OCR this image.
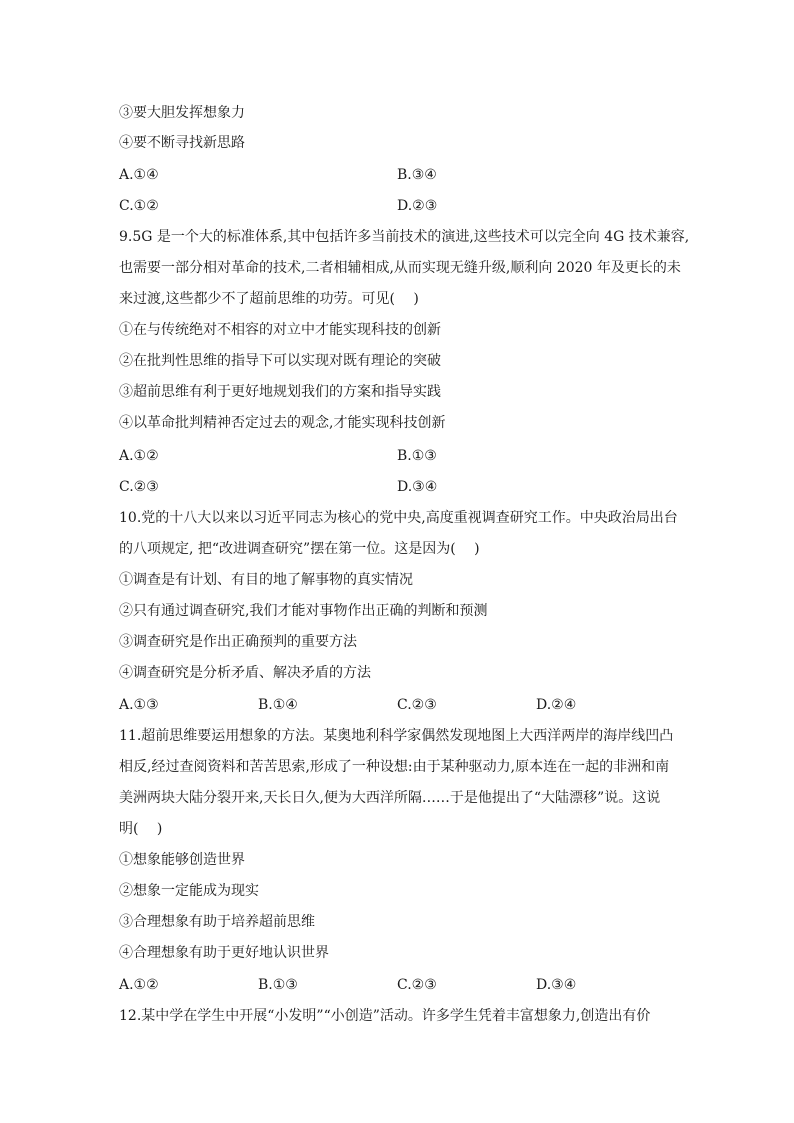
③要大胆发挥想象力
④要不断寻找新思路
A.①④	B.③④
C.①②	D.②③
9.5G 是一个大的标准体系,其中包括许多当前技术的演进,这些技术可以完全向 4G 技术兼容,
也需要一部分相对革命的技术,二者相辅相成,从而实现无缝升级,顺利向 2020 年及更长的未
来过渡,这些都少不了超前思维的功劳。可见(　 )
①在与传统绝对不相容的对立中才能实现科技的创新
②在批判性思维的指导下可以实现对既有理论的突破
③超前思维有利于更好地规划我们的方案和指导实践
④以革命批判精神否定过去的观念,才能实现科技创新
A.①②	B.①③
C.②③	D.③④
10.党的十八大以来以习近平同志为核心的党中央,高度重视调查研究工作。中央政治局出台
的八项规定, 把“改进调查研究”摆在第一位。这是因为(　 )
①调查是有计划、有目的地了解事物的真实情况
②只有通过调查研究,我们才能对事物作出正确的判断和预测
③调查研究是作出正确预判的重要方法
④调查研究是分析矛盾、解决矛盾的方法
A.①③	B.①④	C.②③	D.②④
11.超前思维要运用想象的方法。某奥地利科学家偶然发现地图上大西洋两岸的海岸线凹凸
相反,经过查阅资料和苦苦思索,形成了一种设想:由于某种驱动力,原本连在一起的非洲和南
美洲两块大陆分裂开来,天长日久,便为大西洋所隔……于是他提出了“大陆漂移”说。这说
明(　 )
①想象能够创造世界
②想象一定能成为现实
③合理想象有助于培养超前思维
④合理想象有助于更好地认识世界
A.①②	B.①③	C.②③	D.③④
12.某中学在学生中开展“小发明”“小创造”活动。许多学生凭着丰富想象力,创造出有价
